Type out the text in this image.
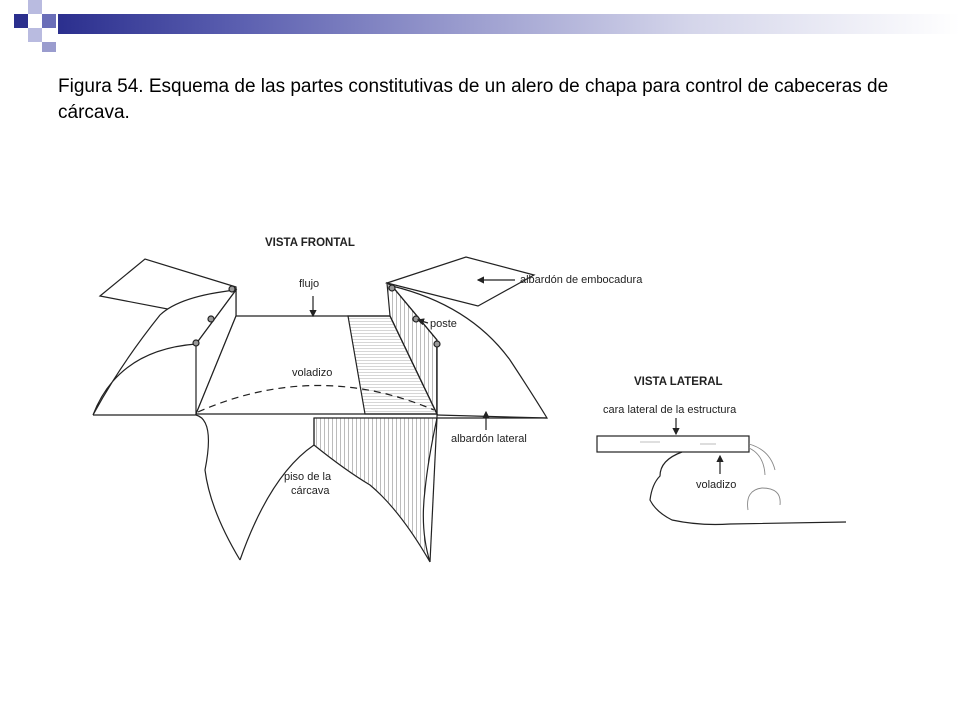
Figura 54. Esquema de las partes constitutivas de un alero de chapa para control de cabeceras de cárcava.
VISTA FRONTAL
flujo	albardón de embocadura
poste
voladizo
albardón lateral
piso de la
cárcava
VISTA LATERAL
cara lateral de la estructura
voladizo
